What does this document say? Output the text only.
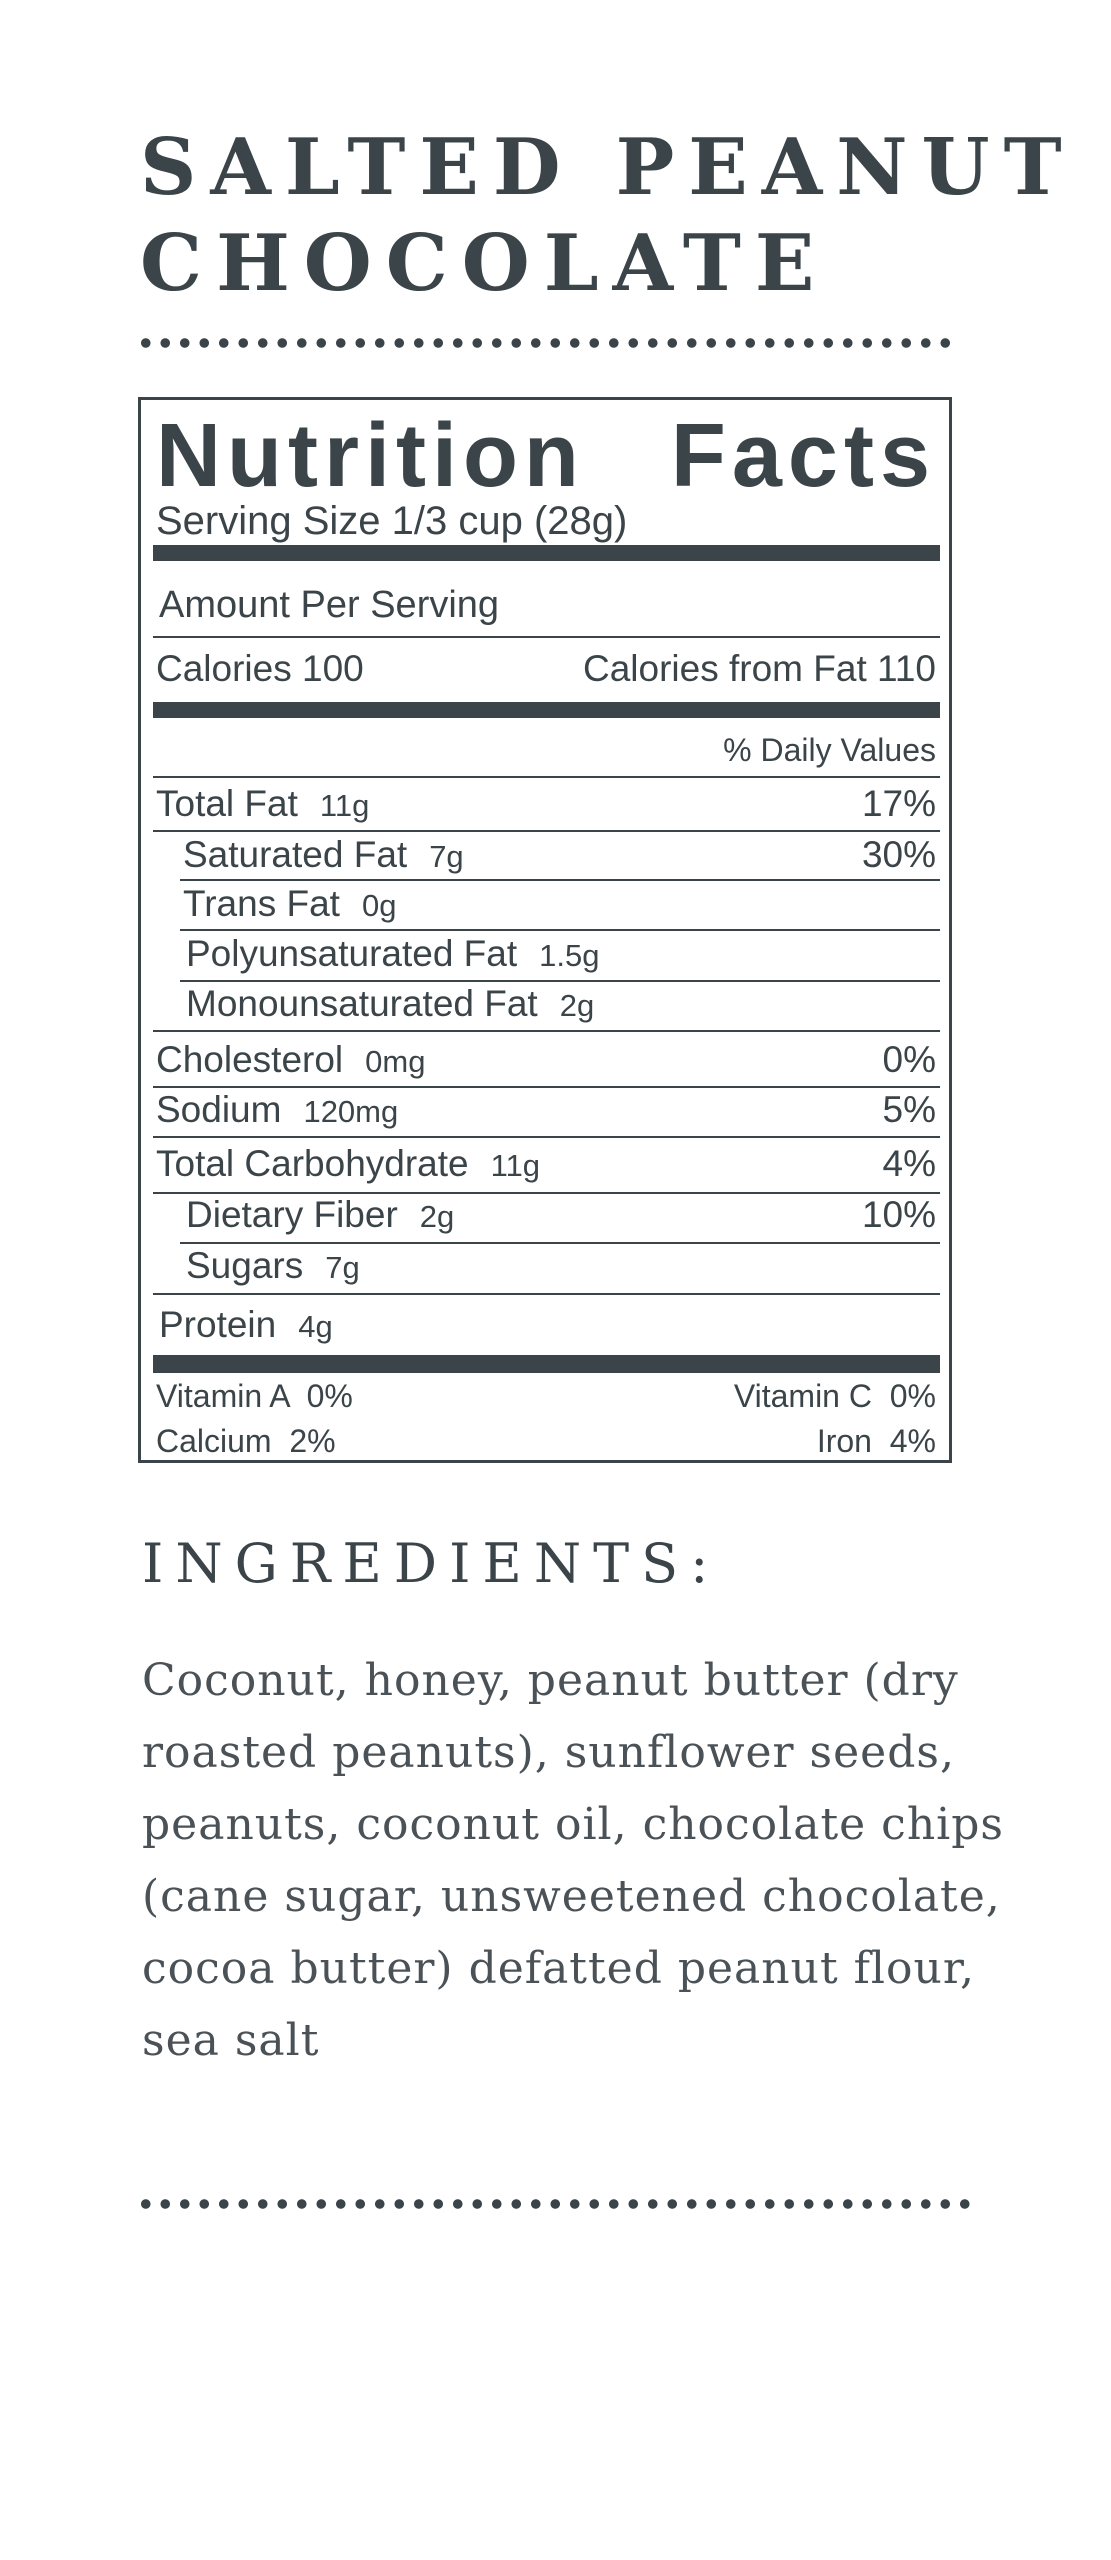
SALTED PEANUT
CHOCOLATE
Nutrition Facts
Serving Size 1/3 cup (28g)
Amount Per Serving
Calories 100	Calories from Fat 110
% Daily Values
Total Fat 11g	17%
Saturated Fat 7g	30%
Trans Fat 0g
Polyunsaturated Fat 1.5g
Monounsaturated Fat 2g
Cholesterol 0mg	0%
Sodium 120mg	5%
Total Carbohydrate 11g	4%
Dietary Fiber 2g	10%
Sugars 7g
Protein 4g
Vitamin A  0%	Vitamin C  0%
Calcium  2%	Iron  4%
INGREDIENTS:

Coconut, honey, peanut butter (dry roasted peanuts), sunflower seeds, peanuts, coconut oil, chocolate chips (cane sugar, unsweetened chocolate, cocoa butter) defatted peanut flour, sea salt
